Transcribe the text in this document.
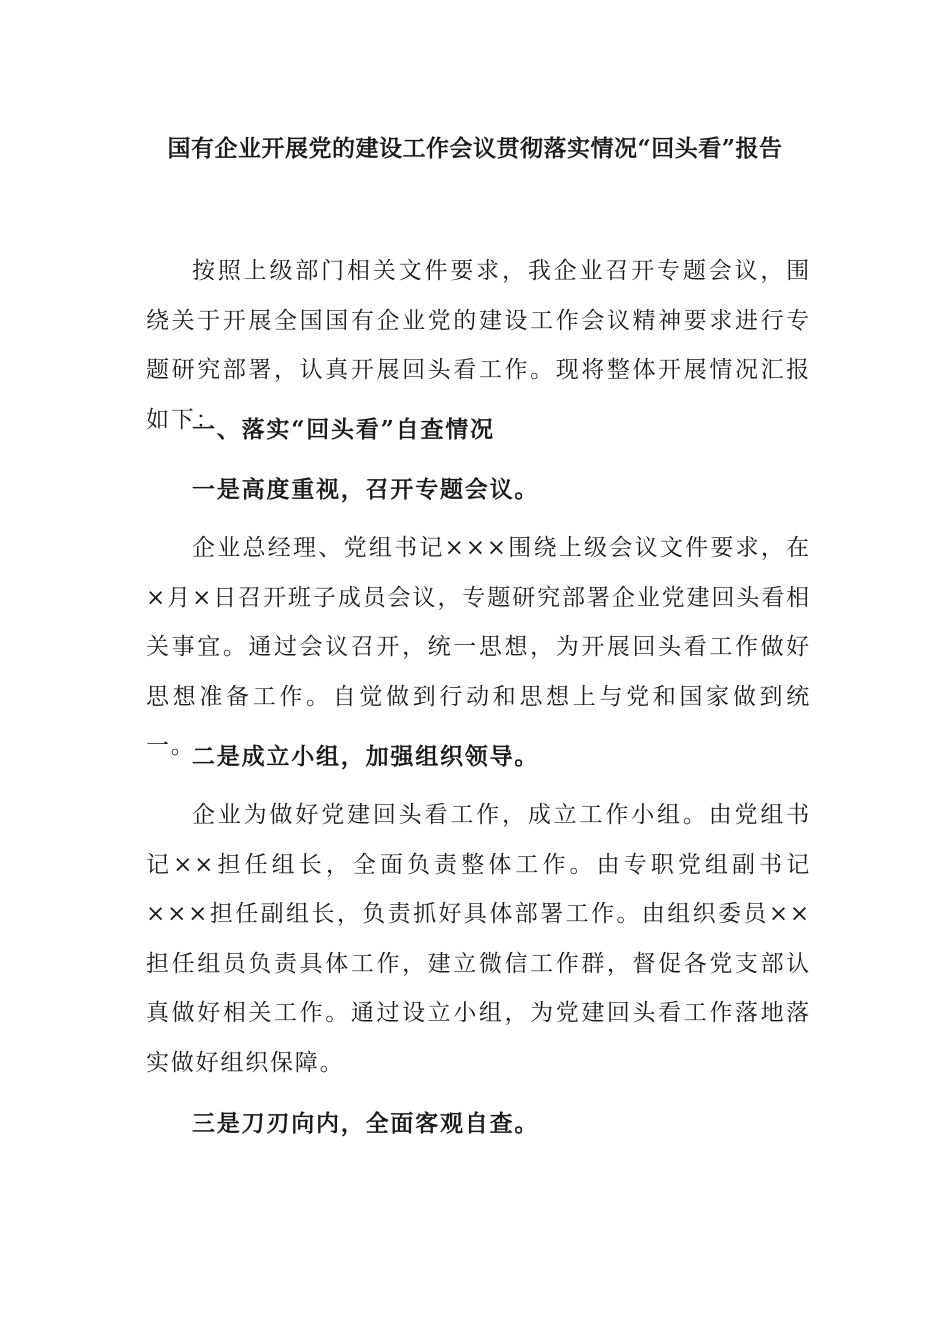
国有企业开展党的建设工作会议贯彻落实情况“回头看”报告

按照上级部门相关文件要求，我企业召开专题会议，围绕关于开展全国国有企业党的建设工作会议精神要求进行专题研究部署，认真开展回头看工作。现将整体开展情况汇报如下：

一、落实“回头看”自查情况

一是高度重视，召开专题会议。

企业总经理、党组书记×××围绕上级会议文件要求，在×月×日召开班子成员会议，专题研究部署企业党建回头看相关事宜。通过会议召开，统一思想，为开展回头看工作做好思想准备工作。自觉做到行动和思想上与党和国家做到统一。

二是成立小组，加强组织领导。

企业为做好党建回头看工作，成立工作小组。由党组书记××担任组长，全面负责整体工作。由专职党组副书记×××担任副组长，负责抓好具体部署工作。由组织委员××担任组员负责具体工作，建立微信工作群，督促各党支部认真做好相关工作。通过设立小组，为党建回头看工作落地落实做好组织保障。

三是刀刃向内，全面客观自查。
